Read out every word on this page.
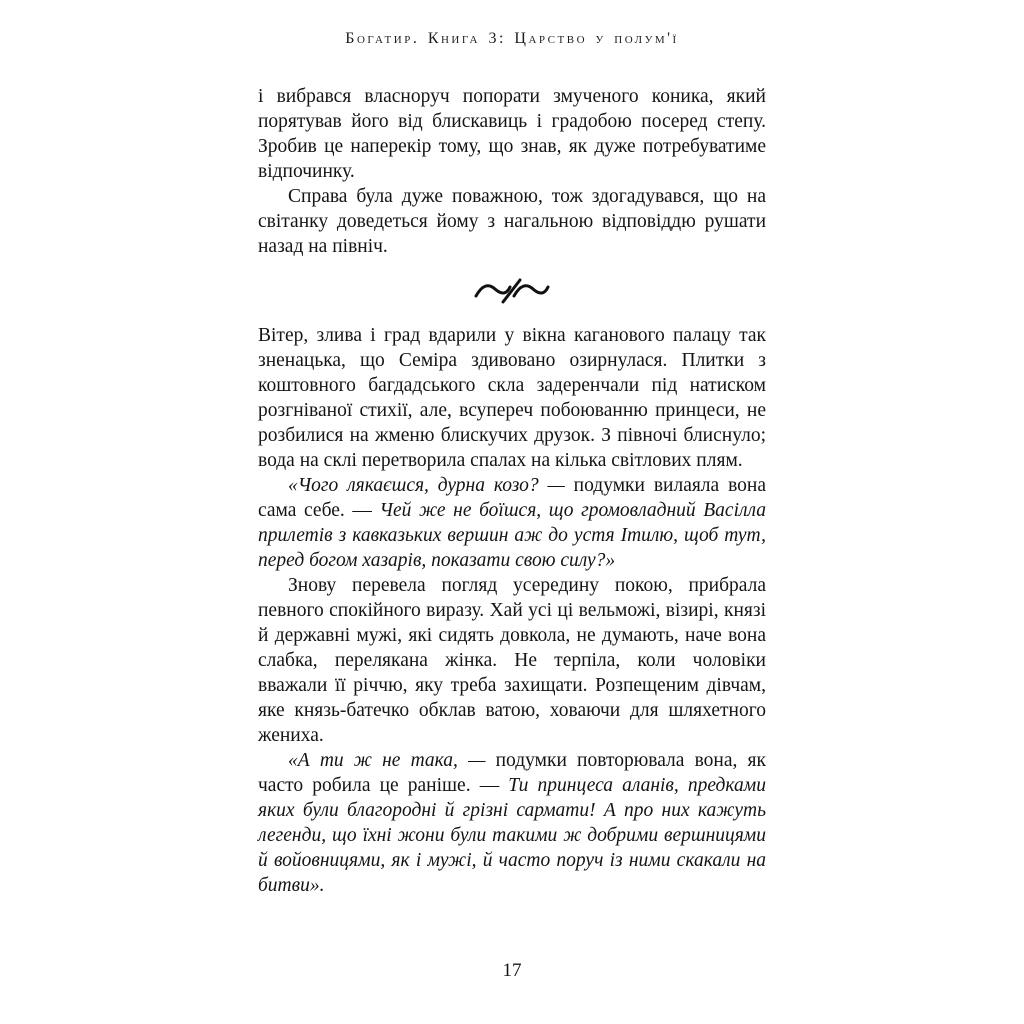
Богатир. Книга 3: Царство у полум'ї

і вибрався власноруч попорати змученого коника, який порятував його від блискавиць і градобою посеред степу. Зробив це наперекір тому, що знав, як дуже потребуватиме відпочинку.

Справа була дуже поважною, тож здогадувався, що на світанку доведеться йому з нагальною відповіддю рушати назад на північ.

Вітер, злива і град вдарили у вікна каганового палацу так зненацька, що Семіра здивовано озирнулася. Плитки з коштовного багдадського скла задеренчали під натиском розгніваної стихії, але, всупереч побоюванню принцеси, не розбилися на жменю блискучих друзок. З півночі блиснуло; вода на склі перетворила спалах на кілька світлових плям.

«Чого лякаєшся, дурна козо? — подумки вилаяла вона сама себе. — Чей же не боїшся, що громовладний Васілла прилетів з кавказьких вершин аж до устя Ітилю, щоб тут, перед богом хазарів, показати свою силу?»

Знову перевела погляд усередину покою, прибрала певного спокійного виразу. Хай усі ці вельможі, візирі, князі й державні мужі, які сидять довкола, не думають, наче вона слабка, перелякана жінка. Не терпіла, коли чоловіки вважали її річчю, яку треба захищати. Розпещеним дівчам, яке князь-батечко обклав ватою, ховаючи для шляхетного жениха.

«А ти ж не така, — подумки повторювала вона, як часто робила це раніше. — Ти принцеса аланів, предками яких були благородні й грізні сармати! А про них кажуть легенди, що їхні жони були такими ж добрими вершницями й войовницями, як і мужі, й часто поруч із ними скакали на битви».

17
